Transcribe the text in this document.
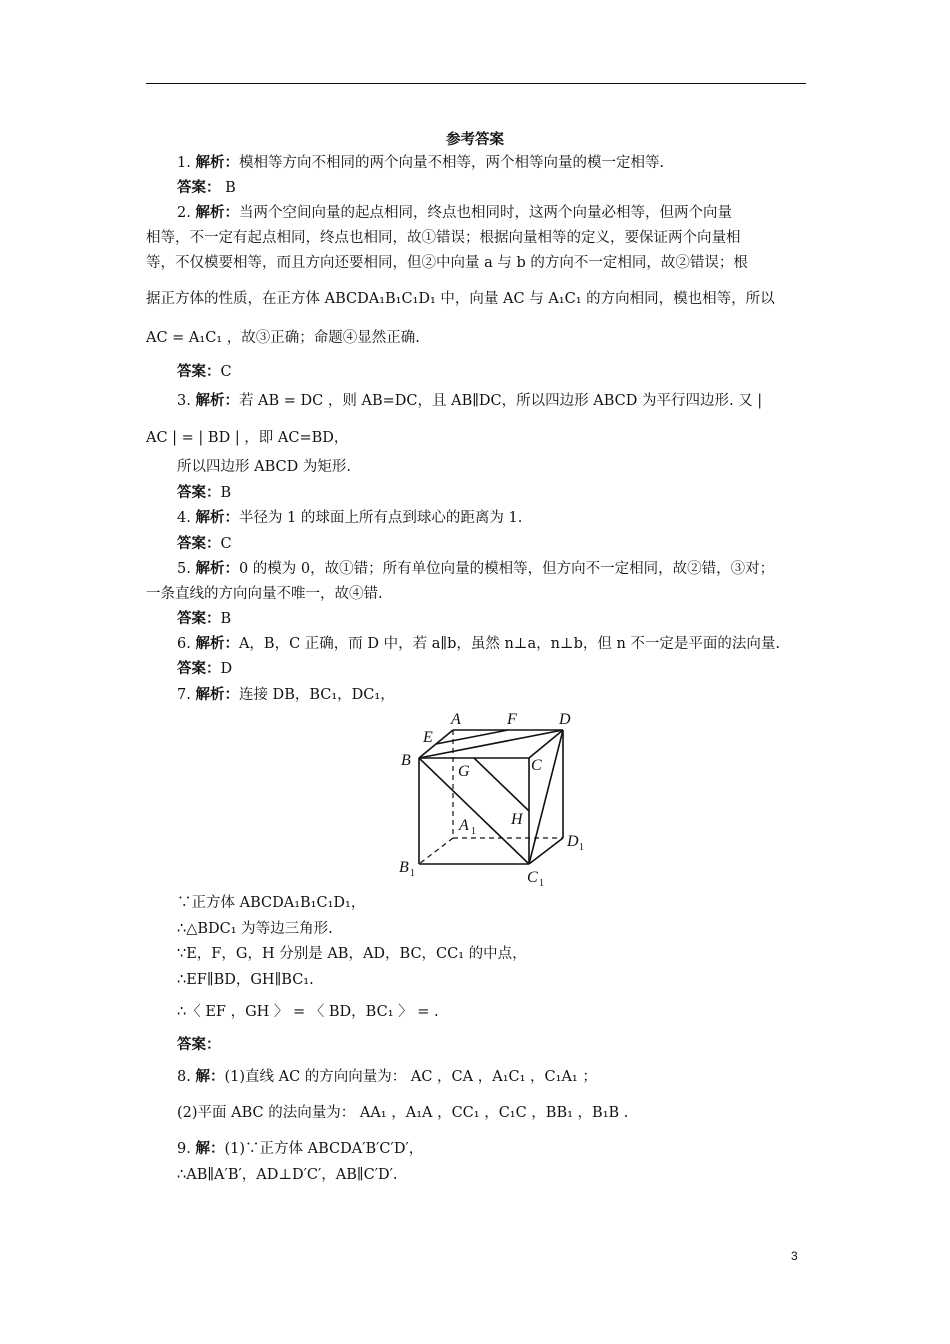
参考答案
1. 解析：模相等方向不相同的两个向量不相等，两个相等向量的模一定相等.
答案： B
2. 解析：当两个空间向量的起点相同，终点也相同时，这两个向量必相等，但两个向量
相等，不一定有起点相同，终点也相同，故①错误；根据向量相等的定义，要保证两个向量相
等，不仅模要相等，而且方向还要相同，但②中向量 a 与 b 的方向不一定相同，故②错误；根
据正方体的性质，在正方体 ABCDA₁B₁C₁D₁ 中，向量 AC 与 A₁C₁ 的方向相同，模也相等，所以
AC = A₁C₁ ，故③正确；命题④显然正确.
答案：C
3. 解析：若 AB = DC ，则 AB=DC，且 AB∥DC，所以四边形 ABCD 为平行四边形. 又 |
AC | = | BD | ，即 AC=BD，
所以四边形 ABCD 为矩形.
答案：B
4. 解析：半径为 1 的球面上所有点到球心的距离为 1.
答案：C
5. 解析：0 的模为 0，故①错；所有单位向量的模相等，但方向不一定相同，故②错，③对；
一条直线的方向向量不唯一，故④错.
答案：B
6. 解析：A，B，C 正确，而 D 中，若 a∥b，虽然 n⊥a，n⊥b，但 n 不一定是平面的法向量.
答案：D
7. 解析：连接 DB，BC₁，DC₁，
A	F	D
E
B
G	C
H
A 1
D 1
B 1	C 1
∵正方体 ABCDA₁B₁C₁D₁，
∴△BDC₁ 为等边三角形.
∵E，F，G，H 分别是 AB，AD，BC，CC₁ 的中点，
∴EF∥BD，GH∥BC₁.
∴〈 EF ，GH 〉 = 〈 BD，BC₁ 〉 = .
答案：
8. 解：(1)直线 AC 的方向向量为： AC ，CA ，A₁C₁ ，C₁A₁ ；
(2)平面 ABC 的法向量为： AA₁ ，A₁A ，CC₁ ，C₁C ，BB₁ ，B₁B .
9. 解：(1)∵正方体 ABCDA′B′C′D′，
∴AB∥A′B′，AD⊥D′C′，AB∥C′D′.
3
